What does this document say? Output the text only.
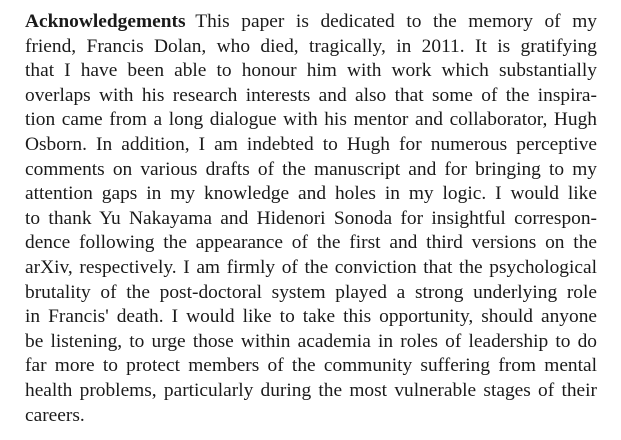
Acknowledgements  This paper is dedicated to the memory of my
friend, Francis Dolan, who died, tragically, in 2011. It is gratifying
that I have been able to honour him with work which substantially
overlaps with his research interests and also that some of the inspira-
tion came from a long dialogue with his mentor and collaborator, Hugh
Osborn. In addition, I am indebted to Hugh for numerous perceptive
comments on various drafts of the manuscript and for bringing to my
attention gaps in my knowledge and holes in my logic. I would like
to thank Yu Nakayama and Hidenori Sonoda for insightful correspon-
dence following the appearance of the first and third versions on the
arXiv, respectively. I am firmly of the conviction that the psychological
brutality of the post-doctoral system played a strong underlying role
in Francis' death. I would like to take this opportunity, should anyone
be listening, to urge those within academia in roles of leadership to do
far more to protect members of the community suffering from mental
health problems, particularly during the most vulnerable stages of their
careers.
